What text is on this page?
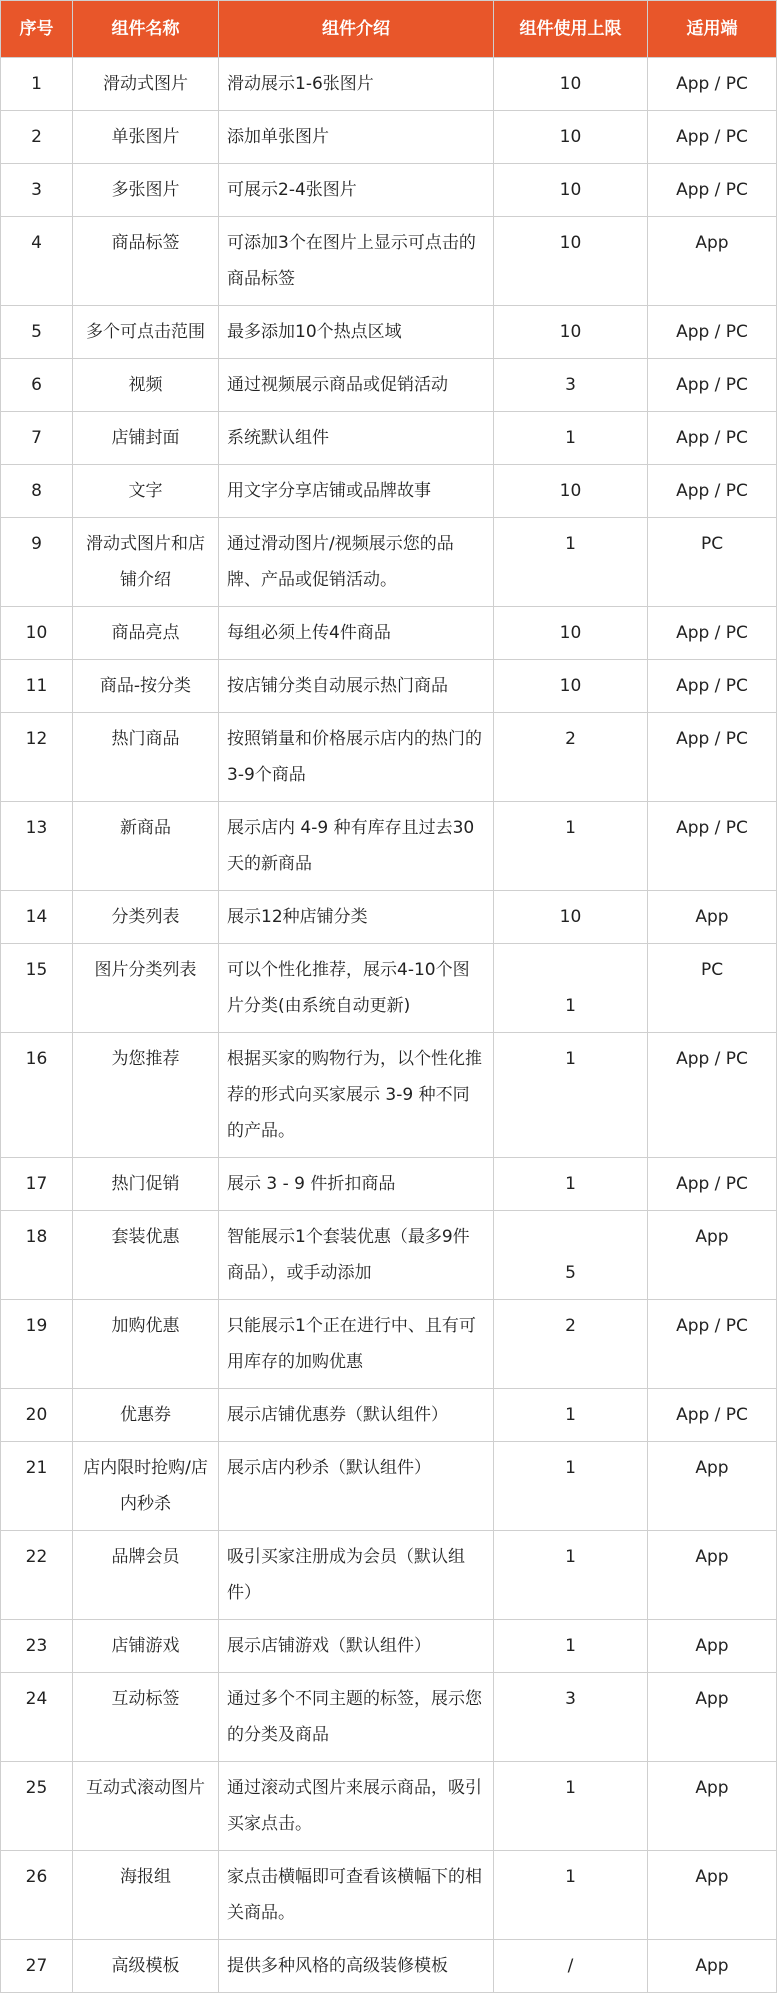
序号	组件名称	组件介绍	组件使用上限	适用端

1	滑动式图片	滑动展示1-6张图片	10	App / PC

2	单张图片	添加单张图片	10	App / PC

3	多张图片	可展示2-4张图片	10	App / PC

4	商品标签	可添加3个在图片上显示可点击的商品标签	10	App

5	多个可点击范围	最多添加10个热点区域	10	App / PC

6	视频	通过视频展示商品或促销活动	3	App / PC

7	店铺封面	系统默认组件	1	App / PC

8	文字	用文字分享店铺或品牌故事	10	App / PC

9	滑动式图片和店铺介绍	通过滑动图片/视频展示您的品牌、产品或促销活动。	1	PC

10	商品亮点	每组必须上传4件商品	10	App / PC

11	商品-按分类	按店铺分类自动展示热门商品	10	App / PC

12	热门商品	按照销量和价格展示店内的热门的3-9个商品	2	App / PC

13	新商品	展示店内 4-9 种有库存且过去30天的新商品	1	App / PC

14	分类列表	展示12种店铺分类	10	App

15	图片分类列表	可以个性化推荐，展示4-10个图片分类(由系统自动更新)	1	PC

16	为您推荐	根据买家的购物行为，以个性化推荐的形式向买家展示 3-9 种不同的产品。	1	App / PC

17	热门促销	展示 3 - 9 件折扣商品	1	App / PC

18	套装优惠	智能展示1个套装优惠（最多9件商品），或手动添加	5	App

19	加购优惠	只能展示1个正在进行中、且有可用库存的加购优惠	2	App / PC

20	优惠券	展示店铺优惠券（默认组件）	1	App / PC

21	店内限时抢购/店内秒杀	展示店内秒杀（默认组件）	1	App

22	品牌会员	吸引买家注册成为会员（默认组件）	1	App

23	店铺游戏	展示店铺游戏（默认组件）	1	App

24	互动标签	通过多个不同主题的标签，展示您的分类及商品	3	App

25	互动式滚动图片	通过滚动式图片来展示商品，吸引买家点击。	1	App

26	海报组	家点击横幅即可查看该横幅下的相关商品。	1	App

27	高级模板	提供多种风格的高级装修模板	/	App
